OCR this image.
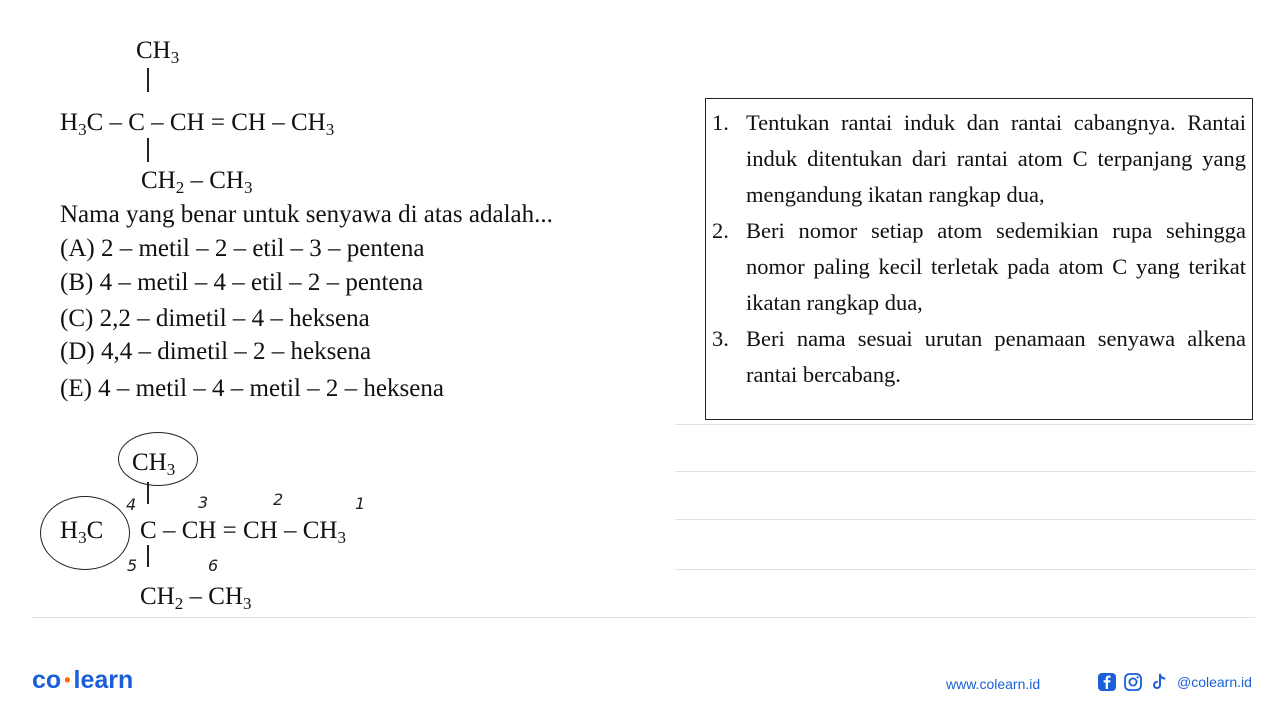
$CH_3$
$H_3C$ – C – CH = CH – $CH_3$
$CH_2 - CH_3$
Nama yang benar untuk senyawa di atas adalah...
(A) 2 – metil – 2 – etil – 3 – pentena
(B) 4 – metil – 4 – etil – 2 – pentena
(C) 2,2 – dimetil – 4 – heksena
(D) 4,4 – dimetil – 2 – heksena
(E) 4 – metil – 4 – metil – 2 – heksena
1. Tentukan rantai induk dan rantai cabangnya. Rantai induk ditentukan dari rantai atom C terpanjang yang mengandung ikatan rangkap dua,
2. Beri nomor setiap atom sedemikian rupa sehingga nomor paling kecil terletak pada atom C yang terikat ikatan rangkap dua,
3. Beri nama sesuai urutan penamaan senyawa alkena rantai bercabang.
$CH_3$
$H_3C$ C – CH = CH – $CH_3$
$CH_2 - CH_3$
4	3	2	1
5	6
co • learn	www.colearn.id	@colearn.id
